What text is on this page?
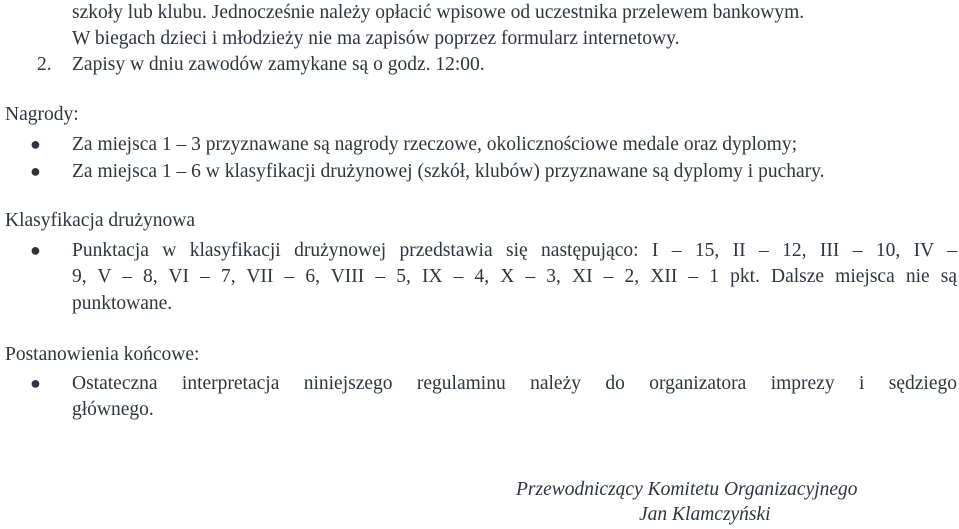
szkoły lub klubu. Jednocześnie należy opłacić wpisowe od uczestnika przelewem bankowym.
W biegach dzieci i młodzieży nie ma zapisów poprzez formularz internetowy.
2. Zapisy w dniu zawodów zamykane są o godz. 12:00.
Nagrody:
● Za miejsca 1 – 3 przyznawane są nagrody rzeczowe, okolicznościowe medale oraz dyplomy;
● Za miejsca 1 – 6 w klasyfikacji drużynowej (szkół, klubów) przyznawane są dyplomy i puchary.
Klasyfikacja drużynowa
● Punktacja w klasyfikacji drużynowej przedstawia się następująco: I – 15, II – 12, III – 10, IV –
9, V – 8, VI – 7, VII – 6, VIII – 5, IX – 4, X – 3, XI – 2, XII – 1 pkt. Dalsze miejsca nie są
punktowane.
Postanowienia końcowe:
● Ostateczna interpretacja niniejszego regulaminu należy do organizatora imprezy i sędziego
głównego.
Przewodniczący Komitetu Organizacyjnego
Jan Klamczyński
